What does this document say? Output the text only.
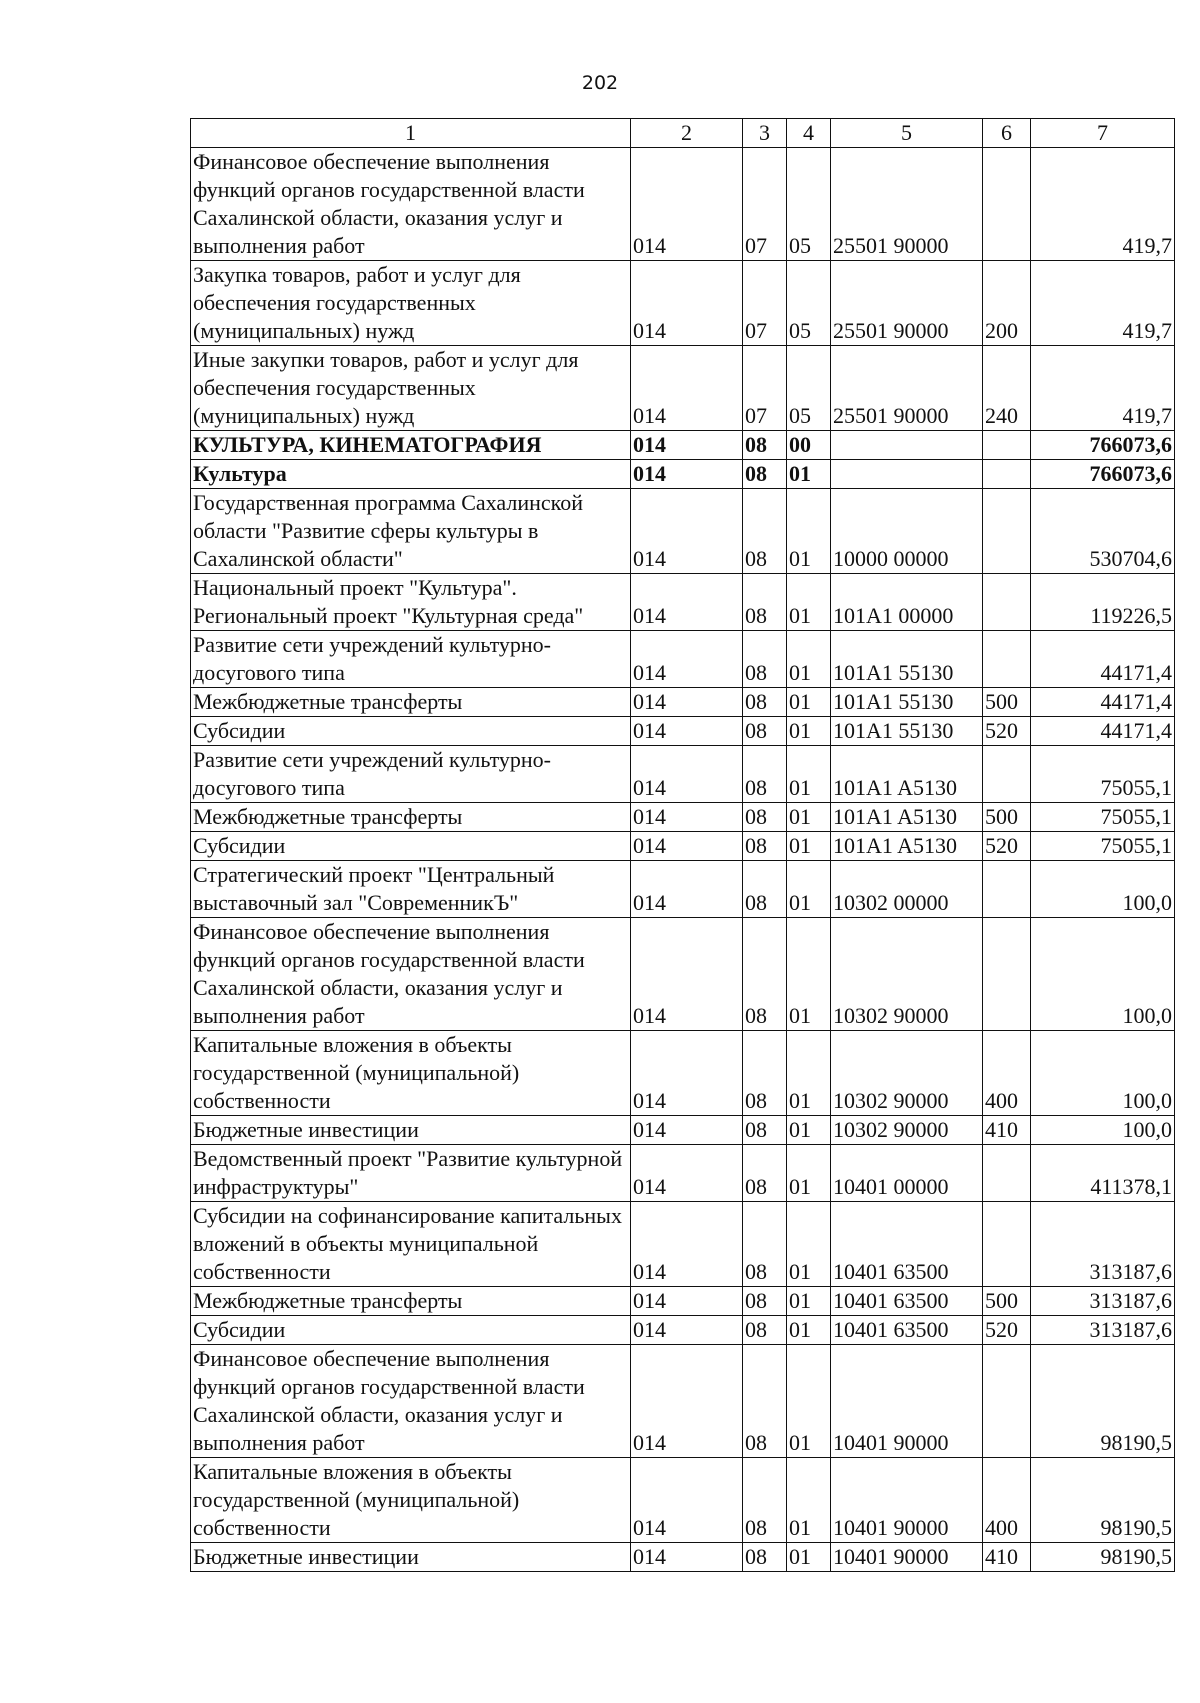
202
1	2	3	4	5	6	7
Финансовое обеспечение выполнения функций органов государственной власти Сахалинской области, оказания услуг и выполнения работ	014	07	05	25501 90000		419,7
Закупка товаров, работ и услуг для обеспечения государственных (муниципальных) нужд	014	07	05	25501 90000	200	419,7
Иные закупки товаров, работ и услуг для обеспечения государственных (муниципальных) нужд	014	07	05	25501 90000	240	419,7
КУЛЬТУРА, КИНЕМАТОГРАФИЯ	014	08	00			766073,6
Культура	014	08	01			766073,6
Государственная программа Сахалинской области "Развитие сферы культуры в Сахалинской области"	014	08	01	10000 00000		530704,6
Национальный проект "Культура". Региональный проект "Культурная среда"	014	08	01	101A1 00000		119226,5
Развитие сети учреждений культурно-досугового типа	014	08	01	101A1 55130		44171,4
Межбюджетные трансферты	014	08	01	101A1 55130	500	44171,4
Субсидии	014	08	01	101A1 55130	520	44171,4
Развитие сети учреждений культурно-досугового типа	014	08	01	101A1 A5130		75055,1
Межбюджетные трансферты	014	08	01	101A1 A5130	500	75055,1
Субсидии	014	08	01	101A1 A5130	520	75055,1
Стратегический проект "Центральный выставочный зал "СовременникЪ"	014	08	01	10302 00000		100,0
Финансовое обеспечение выполнения функций органов государственной власти Сахалинской области, оказания услуг и выполнения работ	014	08	01	10302 90000		100,0
Капитальные вложения в объекты государственной (муниципальной) собственности	014	08	01	10302 90000	400	100,0
Бюджетные инвестиции	014	08	01	10302 90000	410	100,0
Ведомственный проект "Развитие культурной инфраструктуры"	014	08	01	10401 00000		411378,1
Субсидии на софинансирование капитальных вложений в объекты муниципальной собственности	014	08	01	10401 63500		313187,6
Межбюджетные трансферты	014	08	01	10401 63500	500	313187,6
Субсидии	014	08	01	10401 63500	520	313187,6
Финансовое обеспечение выполнения функций органов государственной власти Сахалинской области, оказания услуг и выполнения работ	014	08	01	10401 90000		98190,5
Капитальные вложения в объекты государственной (муниципальной) собственности	014	08	01	10401 90000	400	98190,5
Бюджетные инвестиции	014	08	01	10401 90000	410	98190,5
